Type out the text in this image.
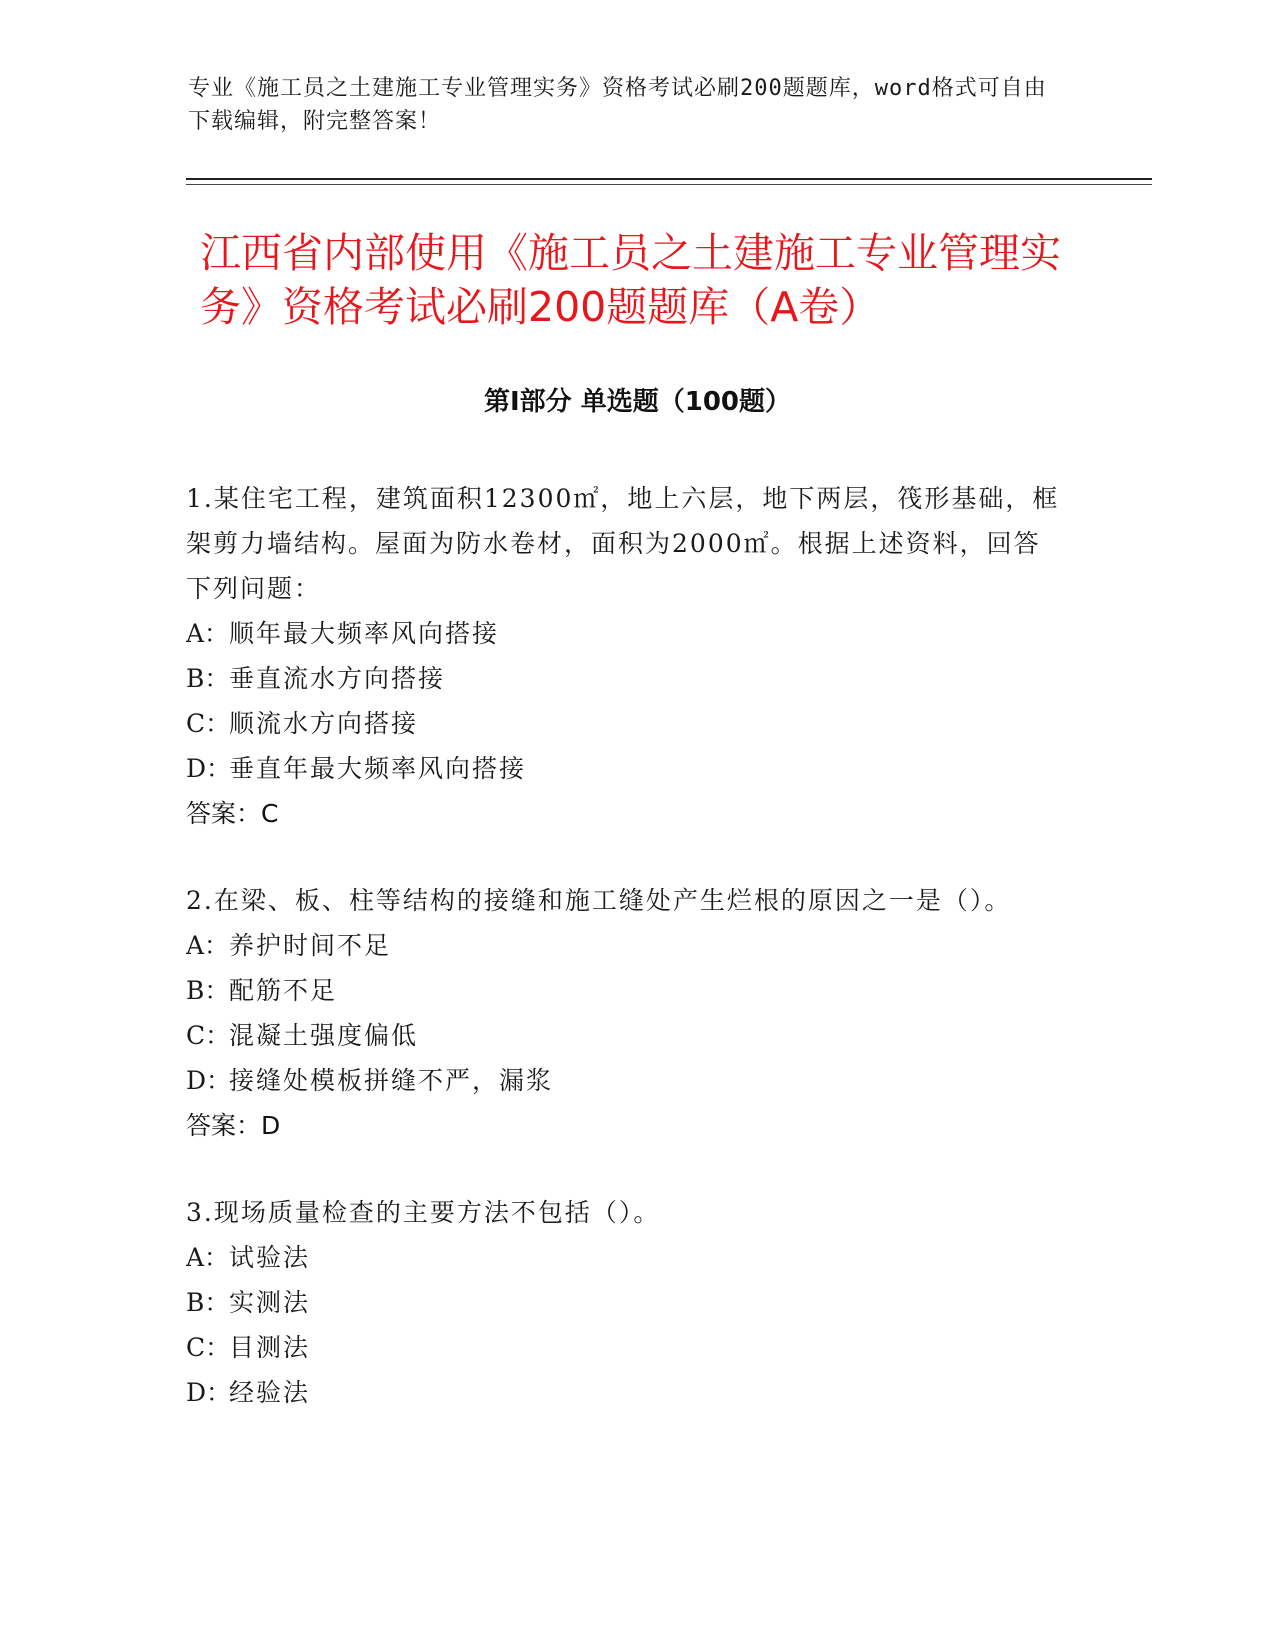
专业《施工员之土建施工专业管理实务》资格考试必刷200题题库，word格式可自由下载编辑，附完整答案！
江西省内部使用《施工员之土建施工专业管理实务》资格考试必刷200题题库（A卷）
第Ⅰ部分 单选题（100题）
1.某住宅工程，建筑面积12300㎡，地上六层，地下两层，筏形基础，框架剪力墙结构。屋面为防水卷材，面积为2000㎡。根据上述资料，回答下列问题：
A： 顺年最大频率风向搭接
B： 垂直流水方向搭接
C：
顺流水方向搭接
D：
垂直年最大频率风向搭接
答案： C
2.在梁、板、柱等结构的接缝和施工缝处产生烂根的原因之一是（）。
A： 养护时间不足
B： 配筋不足
C：
混凝土强度偏低
D：
接缝处模板拼缝不严，漏浆
答案： D
3.现场质量检查的主要方法不包括（）。
A： 试验法
B： 实测法
C：
目测法
D：
经验法
